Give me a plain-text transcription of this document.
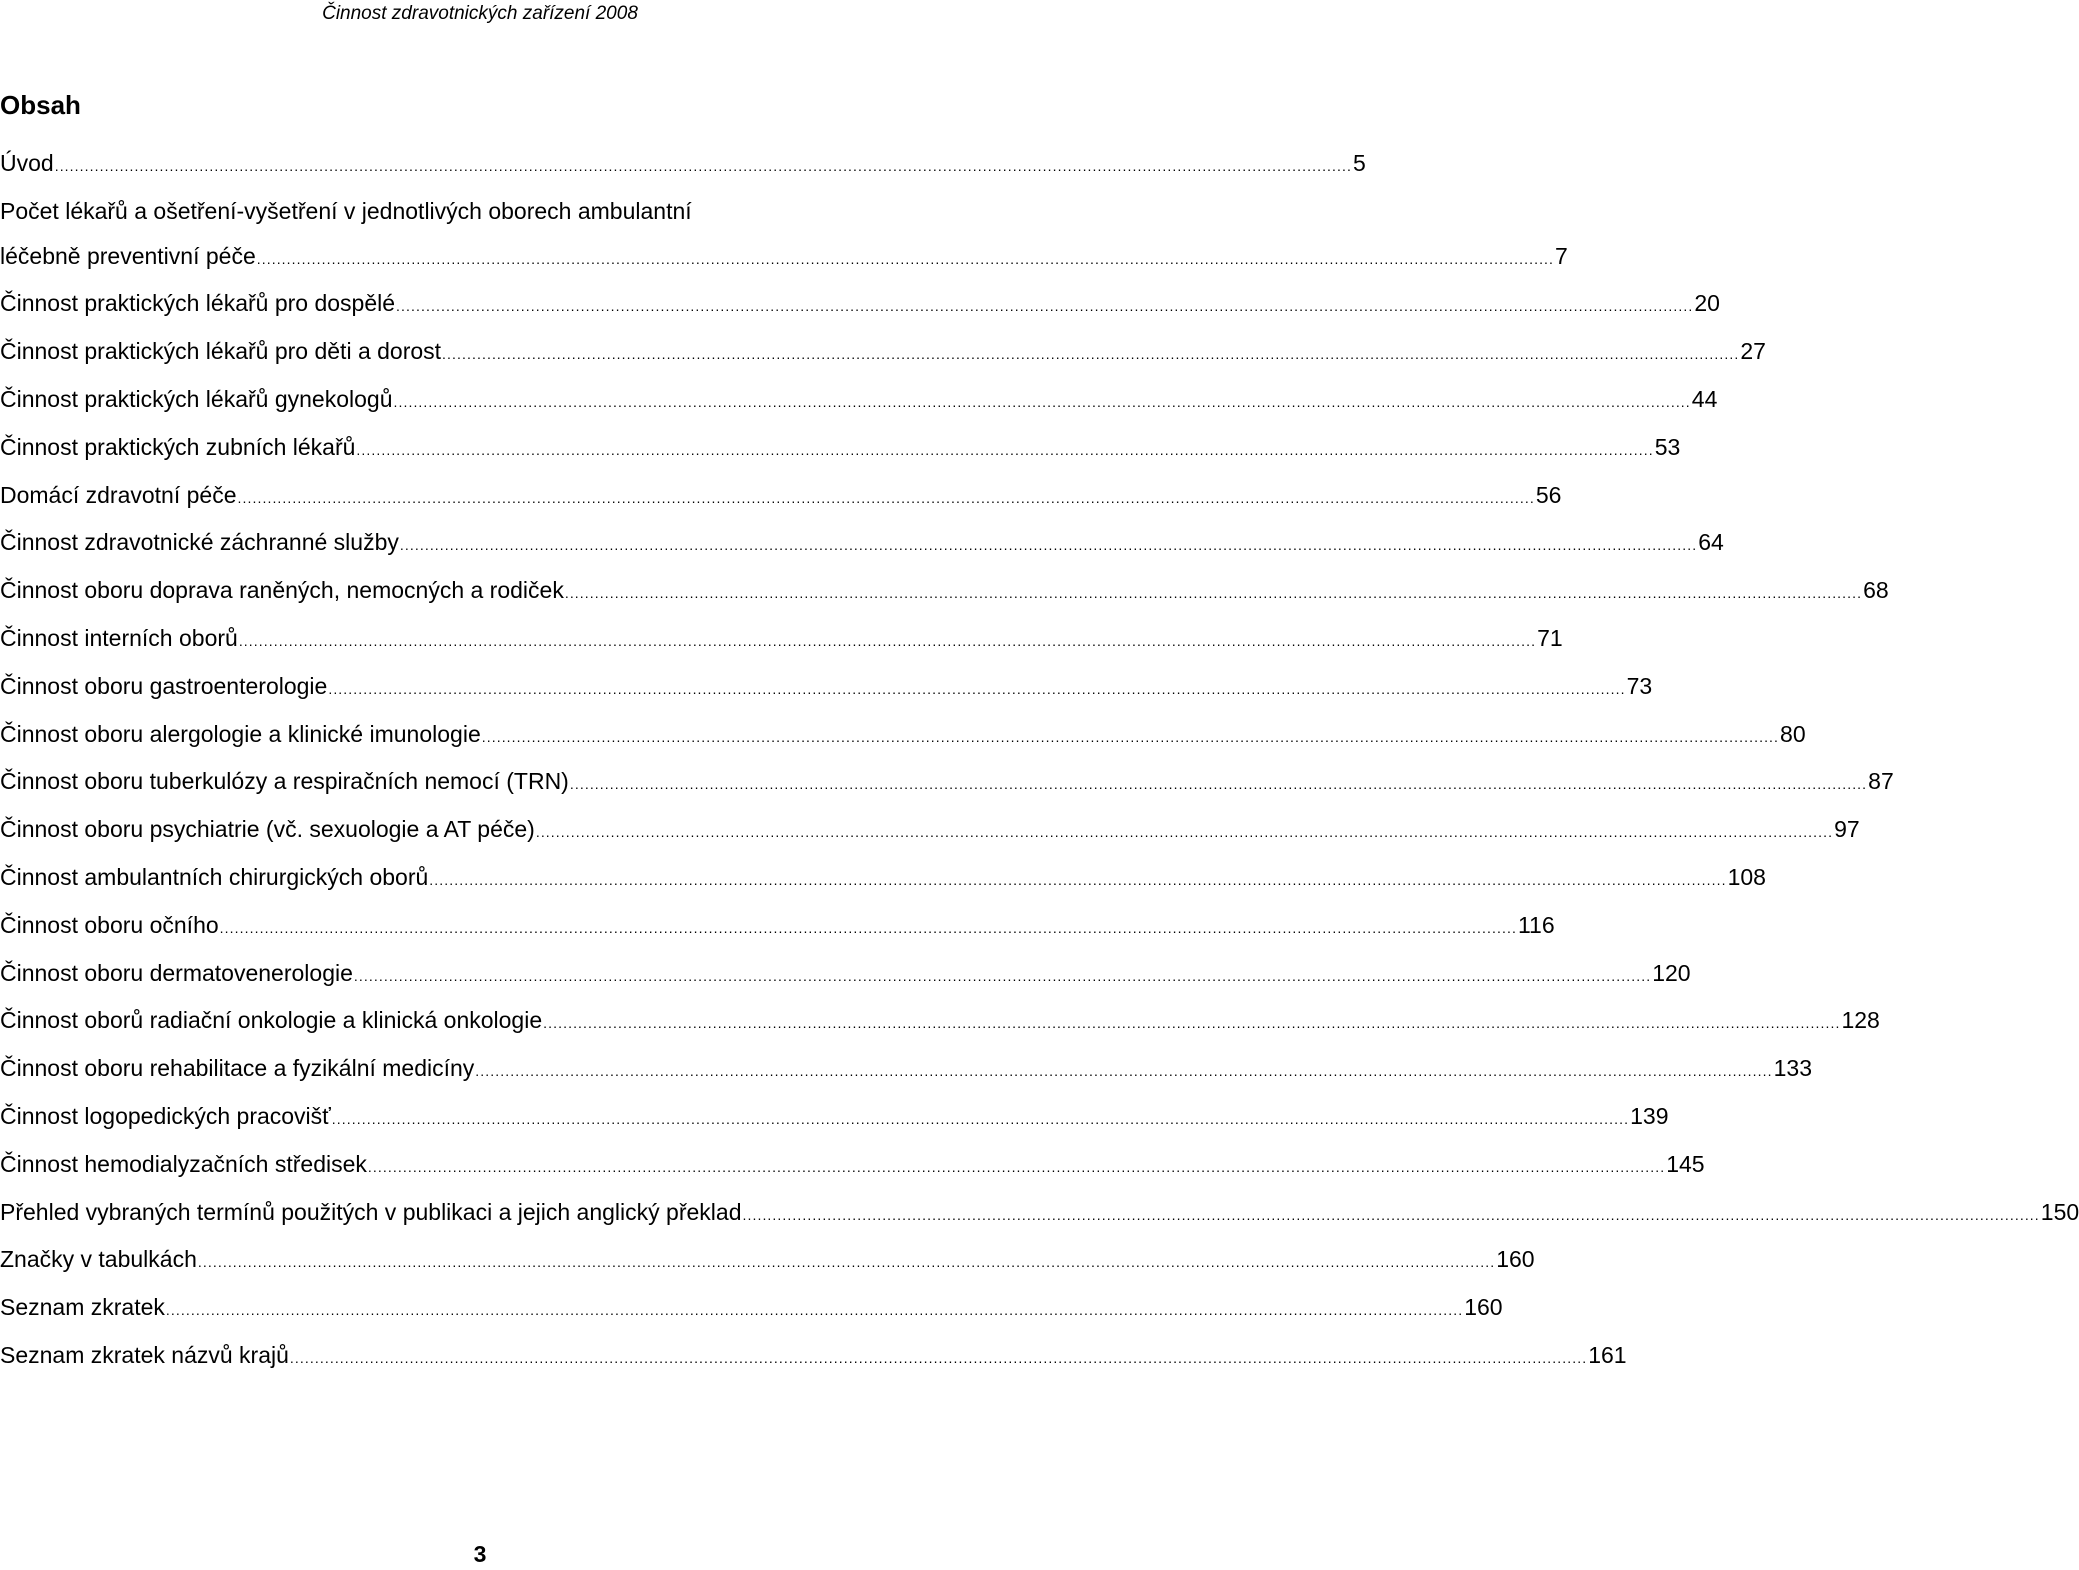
Činnost zdravotnických zařízení 2008
Obsah
Úvod .................................................................................................................................................................................................................................................................... 5
Počet lékařů a ošetření-vyšetření v jednotlivých oborech ambulantní
léčebně preventivní péče .................................................................................................................................................................................................................................................................... 7
Činnost praktických lékařů pro dospělé .................................................................................................................................................................................................................................................................... 20
Činnost praktických lékařů pro děti a dorost .................................................................................................................................................................................................................................................................... 27
Činnost praktických lékařů gynekologů .................................................................................................................................................................................................................................................................... 44
Činnost praktických zubních lékařů .................................................................................................................................................................................................................................................................... 53
Domácí zdravotní péče .................................................................................................................................................................................................................................................................... 56
Činnost zdravotnické záchranné služby .................................................................................................................................................................................................................................................................... 64
Činnost oboru doprava raněných, nemocných a rodiček .................................................................................................................................................................................................................................................................... 68
Činnost interních oborů .................................................................................................................................................................................................................................................................... 71
Činnost oboru gastroenterologie .................................................................................................................................................................................................................................................................... 73
Činnost oboru alergologie a klinické imunologie .................................................................................................................................................................................................................................................................... 80
Činnost oboru tuberkulózy a respiračních nemocí (TRN) .................................................................................................................................................................................................................................................................... 87
Činnost oboru psychiatrie (vč. sexuologie a AT péče) .................................................................................................................................................................................................................................................................... 97
Činnost ambulantních chirurgických oborů .................................................................................................................................................................................................................................................................... 108
Činnost oboru očního .................................................................................................................................................................................................................................................................... 116
Činnost oboru dermatovenerologie .................................................................................................................................................................................................................................................................... 120
Činnost oborů radiační onkologie a klinická onkologie .................................................................................................................................................................................................................................................................... 128
Činnost oboru rehabilitace a fyzikální medicíny .................................................................................................................................................................................................................................................................... 133
Činnost logopedických pracovišť .................................................................................................................................................................................................................................................................... 139
Činnost hemodialyzačních středisek .................................................................................................................................................................................................................................................................... 145
Přehled vybraných termínů použitých v publikaci a jejich anglický překlad .................................................................................................................................................................................................................................................................... 150
Značky v tabulkách .................................................................................................................................................................................................................................................................... 160
Seznam zkratek .................................................................................................................................................................................................................................................................... 160
Seznam zkratek názvů krajů .................................................................................................................................................................................................................................................................... 161
3
